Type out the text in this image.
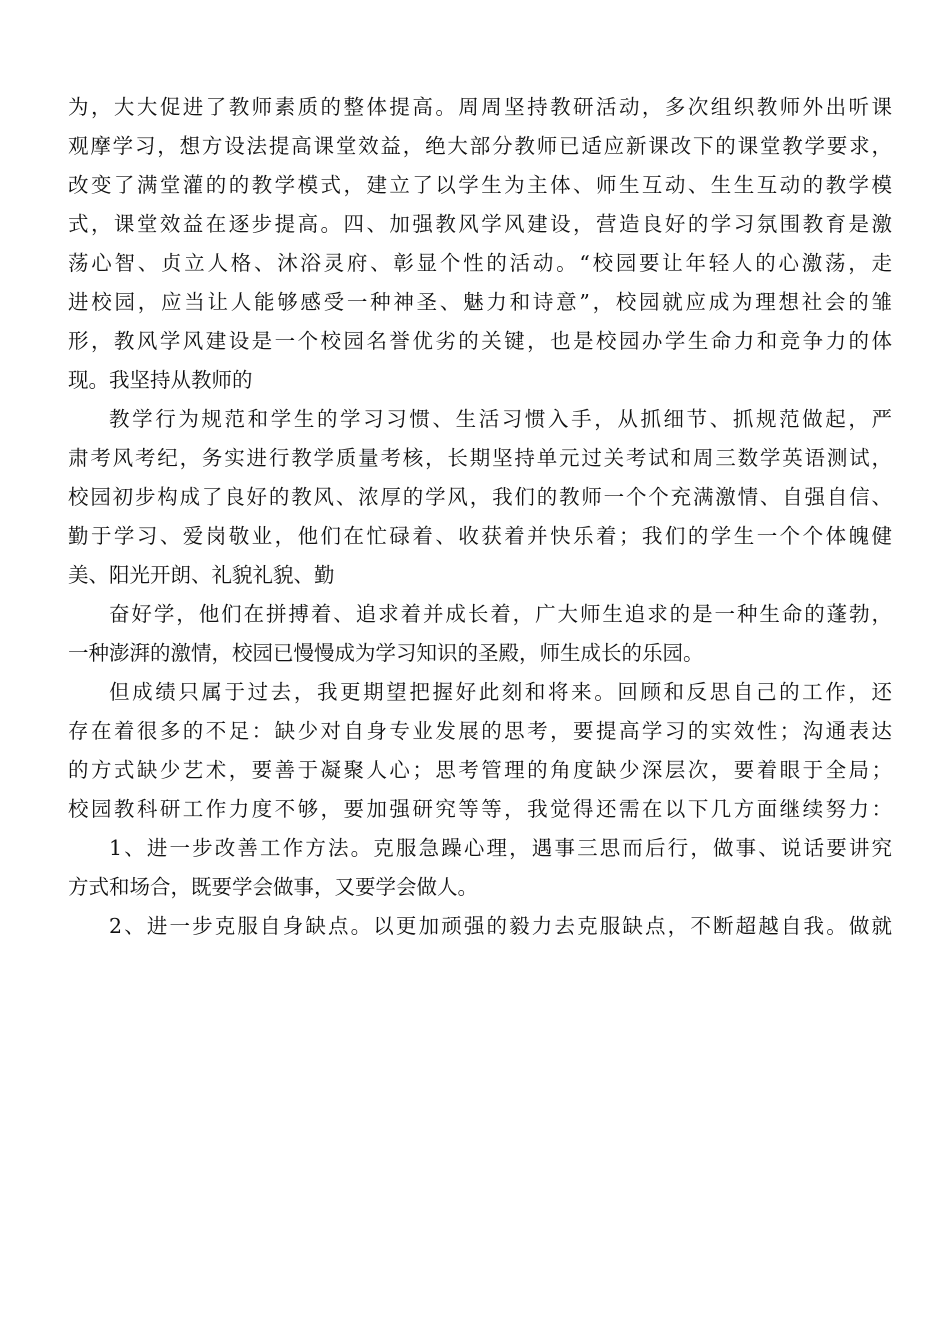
为，大大促进了教师素质的整体提高。周周坚持教研活动，多次组织教师外出听课
观摩学习，想方设法提高课堂效益，绝大部分教师已适应新课改下的课堂教学要求，
改变了满堂灌的的教学模式，建立了以学生为主体、师生互动、生生互动的教学模
式，课堂效益在逐步提高。四、加强教风学风建设，营造良好的学习氛围教育是激
荡心智、贞立人格、沐浴灵府、彰显个性的活动。“校园要让年轻人的心激荡，走
进校园，应当让人能够感受一种神圣、魅力和诗意”，校园就应成为理想社会的雏
形，教风学风建设是一个校园名誉优劣的关键，也是校园办学生命力和竞争力的体
现。我坚持从教师的
教学行为规范和学生的学习习惯、生活习惯入手，从抓细节、抓规范做起，严
肃考风考纪，务实进行教学质量考核，长期坚持单元过关考试和周三数学英语测试，
校园初步构成了良好的教风、浓厚的学风，我们的教师一个个充满激情、自强自信、
勤于学习、爱岗敬业，他们在忙碌着、收获着并快乐着；我们的学生一个个体魄健
美、阳光开朗、礼貌礼貌、勤
奋好学，他们在拼搏着、追求着并成长着，广大师生追求的是一种生命的蓬勃，
一种澎湃的激情，校园已慢慢成为学习知识的圣殿，师生成长的乐园。
但成绩只属于过去，我更期望把握好此刻和将来。回顾和反思自己的工作，还
存在着很多的不足：缺少对自身专业发展的思考，要提高学习的实效性；沟通表达
的方式缺少艺术，要善于凝聚人心；思考管理的角度缺少深层次，要着眼于全局；
校园教科研工作力度不够，要加强研究等等，我觉得还需在以下几方面继续努力：
1、进一步改善工作方法。克服急躁心理，遇事三思而后行，做事、说话要讲究
方式和场合，既要学会做事，又要学会做人。
2、进一步克服自身缺点。以更加顽强的毅力去克服缺点，不断超越自我。做就
